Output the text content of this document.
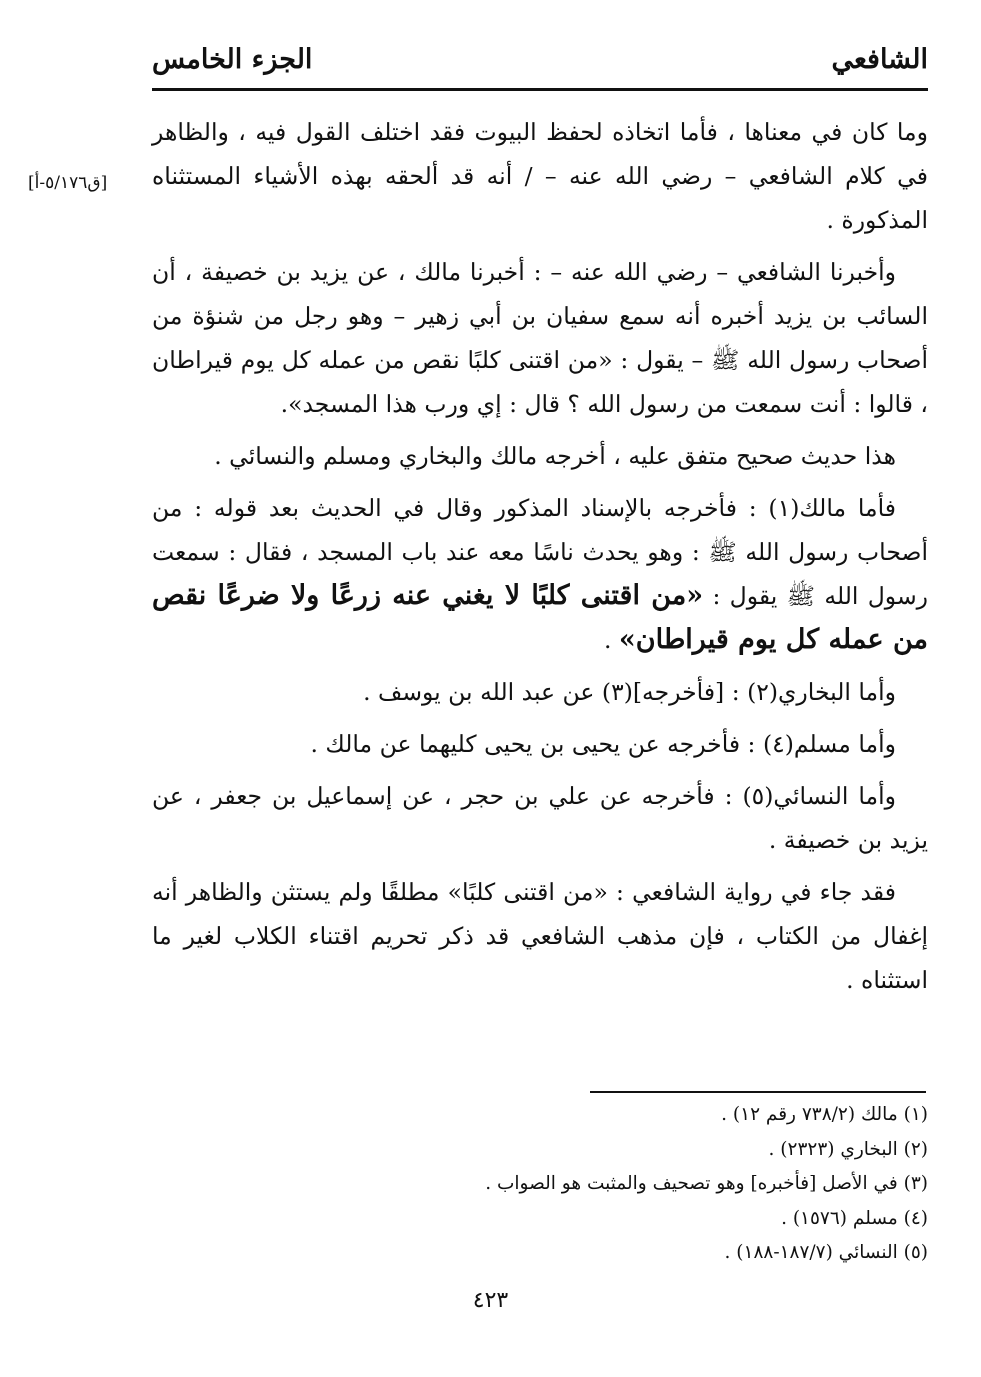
الشافعي
الجزء الخامس
[ق٥/١٧٦-أ]

وما كان في معناها ، فأما اتخاذه لحفظ البيوت فقد اختلف القول فيه ، والظاهر في كلام الشافعي – رضي الله عنه – / أنه قد ألحقه بهذه الأشياء المستثناه المذكورة .

وأخبرنا الشافعي – رضي الله عنه – : أخبرنا مالك ، عن يزيد بن خصيفة ، أن السائب بن يزيد أخبره أنه سمع سفيان بن أبي زهير – وهو رجل من شنؤة من أصحاب رسول الله ﷺ – يقول : «من اقتنى كلبًا نقص من عمله كل يوم قيراطان ، قالوا : أنت سمعت من رسول الله ؟ قال : إي ورب هذا المسجد».

هذا حديث صحيح متفق عليه ، أخرجه مالك والبخاري ومسلم والنسائي .

فأما مالك(١) : فأخرجه بالإسناد المذكور وقال في الحديث بعد قوله : من أصحاب رسول الله ﷺ : وهو يحدث ناسًا معه عند باب المسجد ، فقال : سمعت رسول الله ﷺ يقول : «من اقتنى كلبًا لا يغني عنه زرعًا ولا ضرعًا نقص من عمله كل يوم قيراطان» .

وأما البخاري(٢) : [فأخرجه](٣) عن عبد الله بن يوسف .

وأما مسلم(٤) : فأخرجه عن يحيى بن يحيى كليهما عن مالك .

وأما النسائي(٥) : فأخرجه عن علي بن حجر ، عن إسماعيل بن جعفر ، عن يزيد بن خصيفة .

فقد جاء في رواية الشافعي : «من اقتنى كلبًا» مطلقًا ولم يستثن والظاهر أنه إغفال من الكتاب ، فإن مذهب الشافعي قد ذكر تحريم اقتناء الكلاب لغير ما استثناه .

(١) مالك (٧٣٨/٢ رقم ١٢) .
(٢) البخاري (٢٣٢٣) .
(٣) في الأصل [فأخبره] وهو تصحيف والمثبت هو الصواب .
(٤) مسلم (١٥٧٦) .
(٥) النسائي (١٨٧/٧-١٨٨) .
٤٢٣
